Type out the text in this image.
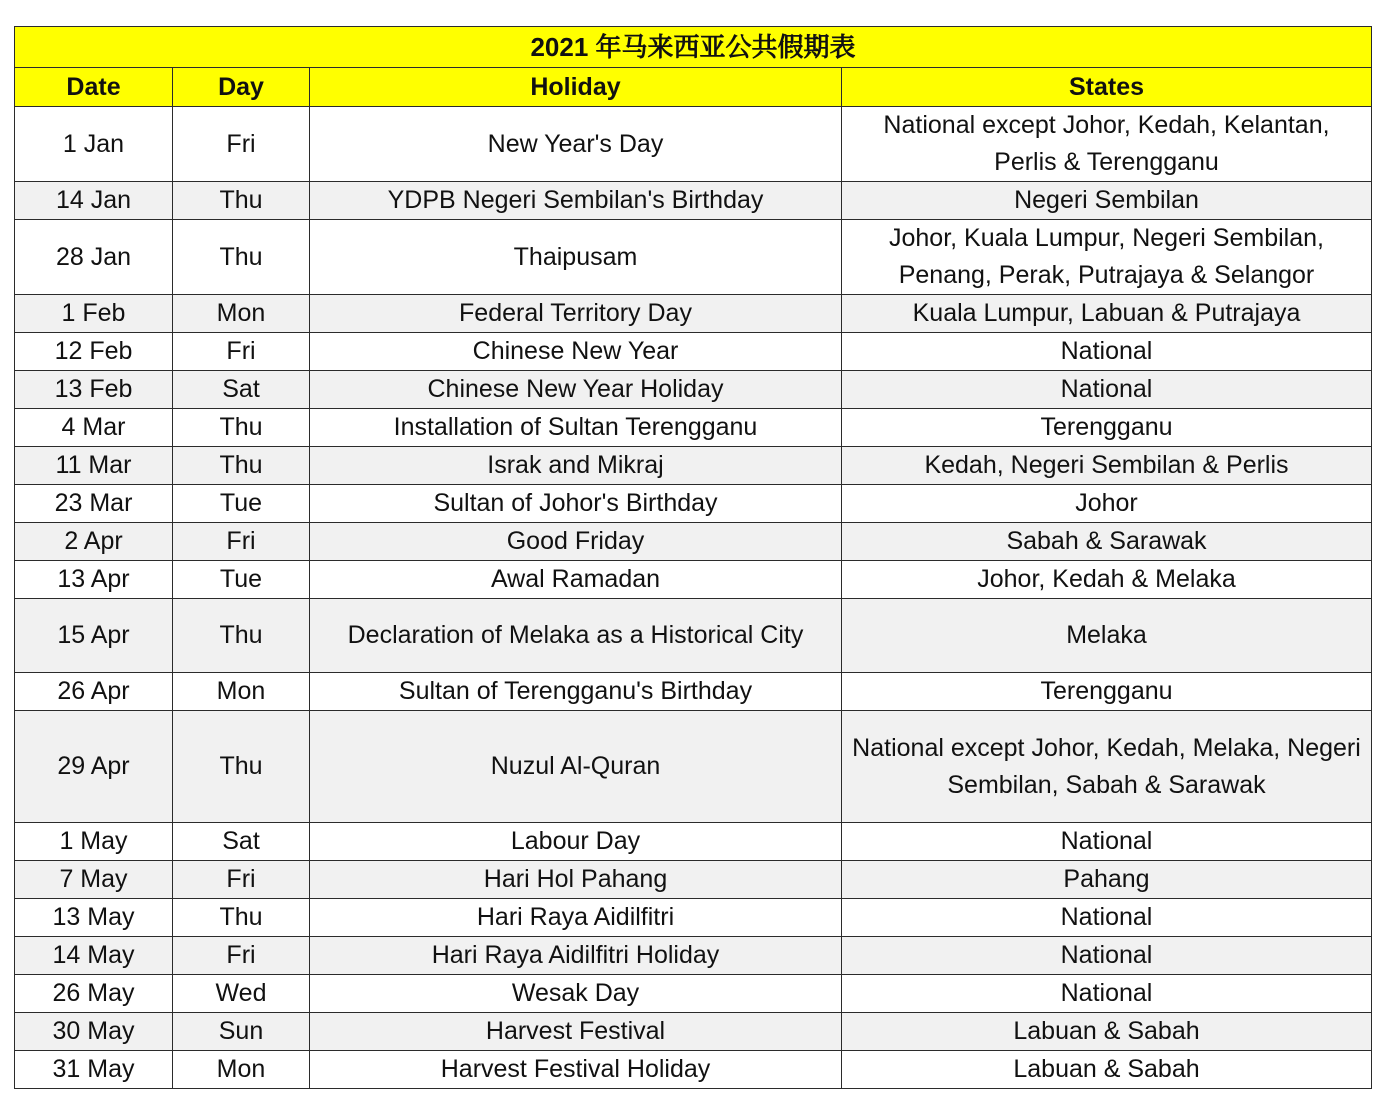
2021 年马来西亚公共假期表			
Date	Day	Holiday	States
1 Jan	Fri	New Year's Day	National except Johor, Kedah, Kelantan, Perlis & Terengganu
14 Jan	Thu	YDPB Negeri Sembilan's Birthday	Negeri Sembilan
28 Jan	Thu	Thaipusam	Johor, Kuala Lumpur, Negeri Sembilan, Penang, Perak, Putrajaya & Selangor
1 Feb	Mon	Federal Territory Day	Kuala Lumpur, Labuan & Putrajaya
12 Feb	Fri	Chinese New Year	National
13 Feb	Sat	Chinese New Year Holiday	National
4 Mar	Thu	Installation of Sultan Terengganu	Terengganu
11 Mar	Thu	Israk and Mikraj	Kedah, Negeri Sembilan & Perlis
23 Mar	Tue	Sultan of Johor's Birthday	Johor
2 Apr	Fri	Good Friday	Sabah & Sarawak
13 Apr	Tue	Awal Ramadan	Johor, Kedah & Melaka
15 Apr	Thu	Declaration of Melaka as a Historical City	Melaka
26 Apr	Mon	Sultan of Terengganu's Birthday	Terengganu
29 Apr	Thu	Nuzul Al-Quran	National except Johor, Kedah, Melaka, Negeri Sembilan, Sabah & Sarawak
1 May	Sat	Labour Day	National
7 May	Fri	Hari Hol Pahang	Pahang
13 May	Thu	Hari Raya Aidilfitri	National
14 May	Fri	Hari Raya Aidilfitri Holiday	National
26 May	Wed	Wesak Day	National
30 May	Sun	Harvest Festival	Labuan & Sabah
31 May	Mon	Harvest Festival Holiday	Labuan & Sabah
